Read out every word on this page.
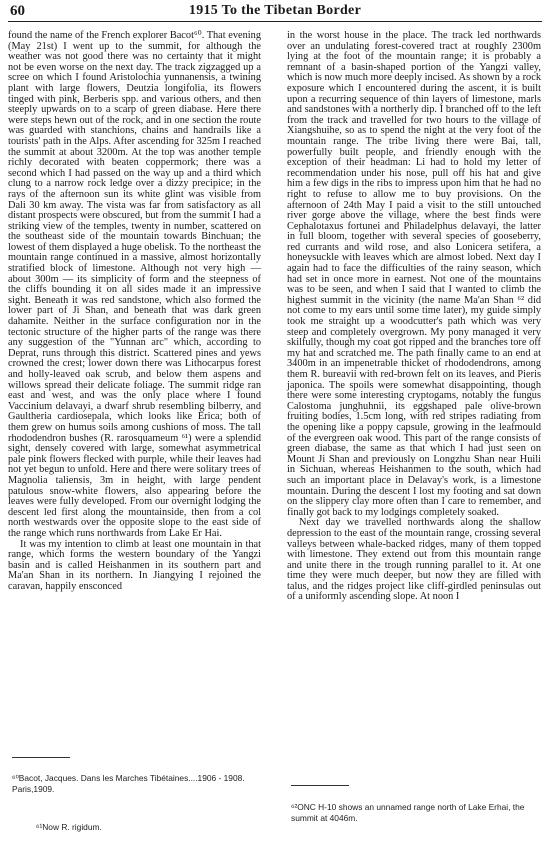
60	1915 To the Tibetan Border

found the name of the French explorer Bacot⁶⁰. That evening (May 21st) I went up to the summit, for although the weather was not good there was no certainty that it might not be even worse on the next day. The track zigzagged up a scree on which I found Aristolochia yunnanensis, a twining plant with large flowers, Deutzia longifolia, its flowers tinged with pink, Berberis spp. and various others, and then steeply upwards on to a scarp of green diabase. Here there were steps hewn out of the rock, and in one section the route was guarded with stanchions, chains and handrails like a tourists' path in the Alps. After ascending for 325m I reached the summit at about 3200m. At the top was another temple richly decorated with beaten coppermork; there was a second which I had passed on the way up and a third which clung to a narrow rock ledge over a dizzy precipice; in the rays of the afternoon sun its white glint was visible from Dali 30 km away. The vista was far from satisfactory as all distant prospects were obscured, but from the summit I had a striking view of the temples, twenty in number, scattered on the southeast side of the mountain towards Binchuan; the lowest of them displayed a huge obelisk. To the northeast the mountain range continued in a massive, almost horizontally stratified block of limestone. Although not very high — about 300m — its simplicity of form and the steepness of the cliffs bounding it on all sides made it an impressive sight. Beneath it was red sandstone, which also formed the lower part of Ji Shan, and beneath that was dark green dahamite. Neither in the surface configuration nor in the tectonic structure of the higher parts of the range was there any suggestion of the "Yunnan arc" which, according to Deprat, runs through this district. Scattered pines and yews crowned the crest; lower down there was Lithocarpus forest and holly-leaved oak scrub, and below them aspens and willows spread their delicate foliage. The summit ridge ran east and west, and was the only place where I found Vaccinium delavayi, a dwarf shrub resembling bilberry, and Gaultheria cardiosepala, which looks like Erica; both of them grew on humus soils among cushions of moss. The tall rhododendron bushes (R. rarosquameum ⁶¹) were a splendid sight, densely covered with large, somewhat asymmetrical pale pink flowers flecked with purple, while their leaves had not yet begun to unfold. Here and there were solitary trees of Magnolia taliensis, 3m in height, with large pendent patulous snow-white flowers, also appearing before the leaves were fully developed. From our overnight lodging the descent led first along the mountainside, then from a col north westwards over the opposite slope to the east side of the range which runs northwards from Lake Er Hai.

It was my intention to climb at least one mountain in that range, which forms the western boundary of the Yangzi basin and is called Heishanmen in its southern part and Ma'an Shan in its northern. In Jiangying I rejoined the caravan, happily ensconced

in the worst house in the place. The track led northwards over an undulating forest-covered tract at roughly 2300m lying at the foot of the mountain range; it is probably a remnant of a basin-shaped portion of the Yangzi valley, which is now much more deeply incised. As shown by a rock exposure which I encountered during the ascent, it is built upon a recurring sequence of thin layers of limestone, marls and sandstones with a northerly dip. I branched off to the left from the track and travelled for two hours to the village of Xiangshuihe, so as to spend the night at the very foot of the mountain range. The tribe living there were Bai, tall, powerfully built people, and friendly enough with the exception of their headman: Li had to hold my letter of recommendation under his nose, pull off his hat and give him a few digs in the ribs to impress upon him that he had no right to refuse to allow me to buy provisions. On the afternoon of 24th May I paid a visit to the still untouched river gorge above the village, where the best finds were Cephalotaxus fortunei and Philadelphus delavayi, the latter in full bloom, together with several species of gooseberry, red currants and wild rose, and also Lonicera setifera, a honeysuckle with leaves which are almost lobed. Next day I again had to face the difficulties of the rainy season, which had set in once more in earnest. Not one of the mountains was to be seen, and when I said that I wanted to climb the highest summit in the vicinity (the name Ma'an Shan ⁶² did not come to my ears until some time later), my guide simply took me straight up a woodcutter's path which was very steep and completely overgrown. My pony managed it very skilfully, though my coat got ripped and the branches tore off my hat and scratched me. The path finally came to an end at 3400m in an impenetrable thicket of rhododendrons, among them R. bureavii with red-brown felt on its leaves, and Pieris japonica. The spoils were somewhat disappointing, though there were some interesting cryptogams, notably the fungus Calostoma junghuhnii, its eggshaped pale olive-brown fruiting bodies, 1.5cm long, with red stripes radiating from the opening like a poppy capsule, growing in the leafmould of the evergreen oak wood. This part of the range consists of green diabase, the same as that which I had just seen on Mount Ji Shan and previously on Longzhu Shan near Huili in Sichuan, whereas Heishanmen to the south, which had such an important place in Delavay's work, is a limestone mountain. During the descent I lost my footing and sat down on the slippery clay more often than I care to remember, and finally got back to my lodgings completely soaked.

Next day we travelled northwards along the shallow depression to the east of the mountain range, crossing several valleys between whale-backed ridges, many of them topped with limestone. They extend out from this mountain range and unite there in the trough running parallel to it. At one time they were much deeper, but now they are filled with talus, and the ridges project like cliff-girdled peninsulas out of a uniformly ascending slope. At noon I

⁶⁰Bacot, Jacques. Dans les Marches Tibétaines....1906 - 1908. Paris,1909.
⁶¹Now R. rigidum.
⁶²ONC H-10 shows an unnamed range north of Lake Erhai, the summit at 4046m.
